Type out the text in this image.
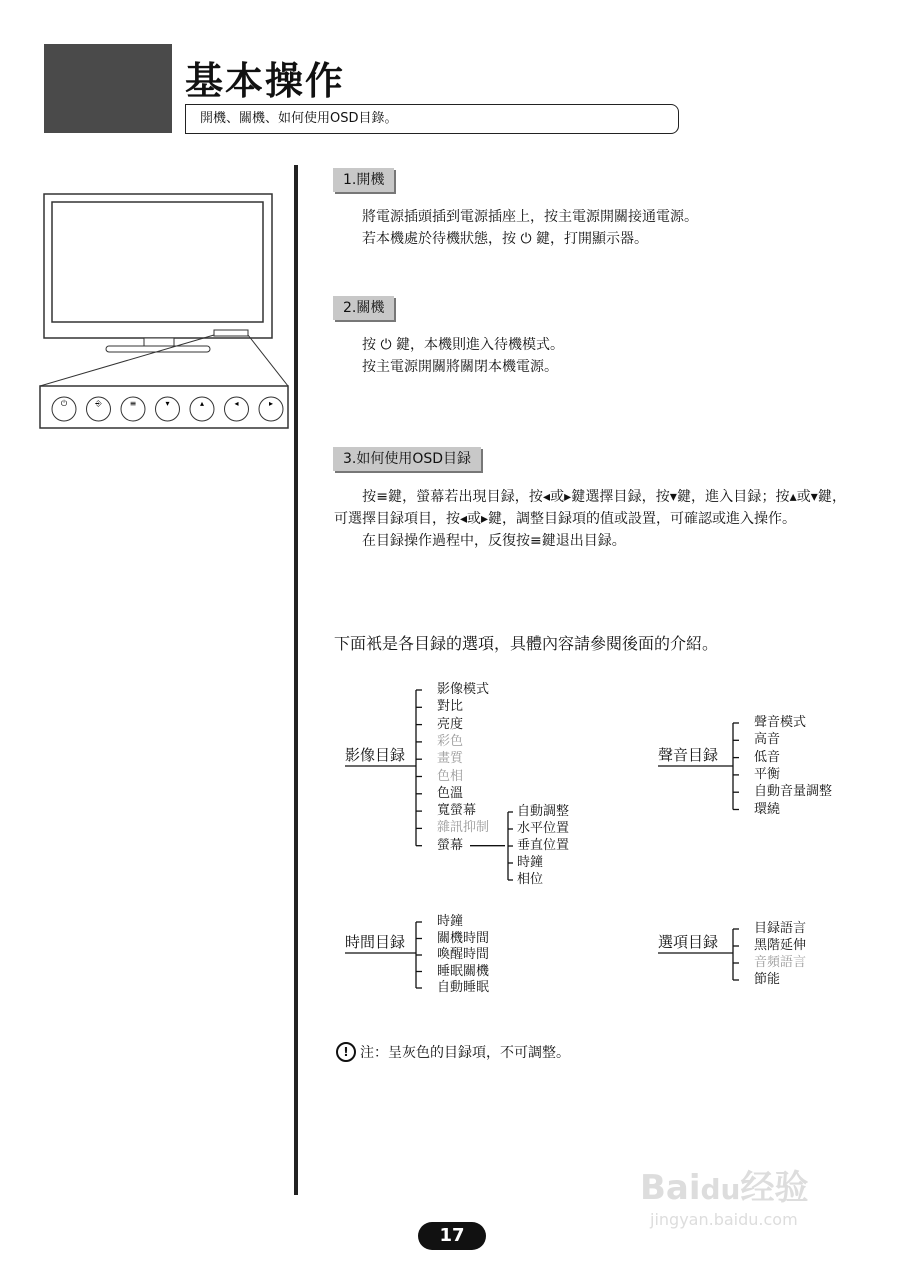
基本操作
開機、關機、如何使用OSD目錄。
⏻	⎆	≡	▾	▴	◂	▸
1.開機
將電源插頭插到電源插座上，按主電源開關接通電源。
若本機處於待機狀態，按 ⏻ 鍵，打開顯示器。
2.關機
按 ⏻ 鍵，本機則進入待機模式。
按主電源開關將關閉本機電源。
3.如何使用OSD目録
　　按≡鍵，螢幕若出現目録，按◂或▸鍵選擇目録，按▾鍵，進入目録；按▴或▾鍵，可選擇目録項目，按◂或▸鍵，調整目録項的值或設置，可確認或進入操作。
　　在目録操作過程中，反復按≡鍵退出目録。
下面衹是各目録的選項，具體內容請參閱後面的介紹。
影像目録
影像模式
對比
亮度
彩色
畫質
色相
色溫
寬螢幕
雜訊抑制
螢幕
聲音目録
聲音模式
高音
低音
平衡
自動音量調整
環繞
時間目録
時鐘
關機時間
喚醒時間
睡眠關機
自動睡眠
選項目録
目録語言
黑階延伸
音頻語言
節能
自動調整
水平位置
垂直位置
時鐘
相位
! 注：呈灰色的目録項，不可調整。
Baidu经验
jingyan.baidu.com
17
